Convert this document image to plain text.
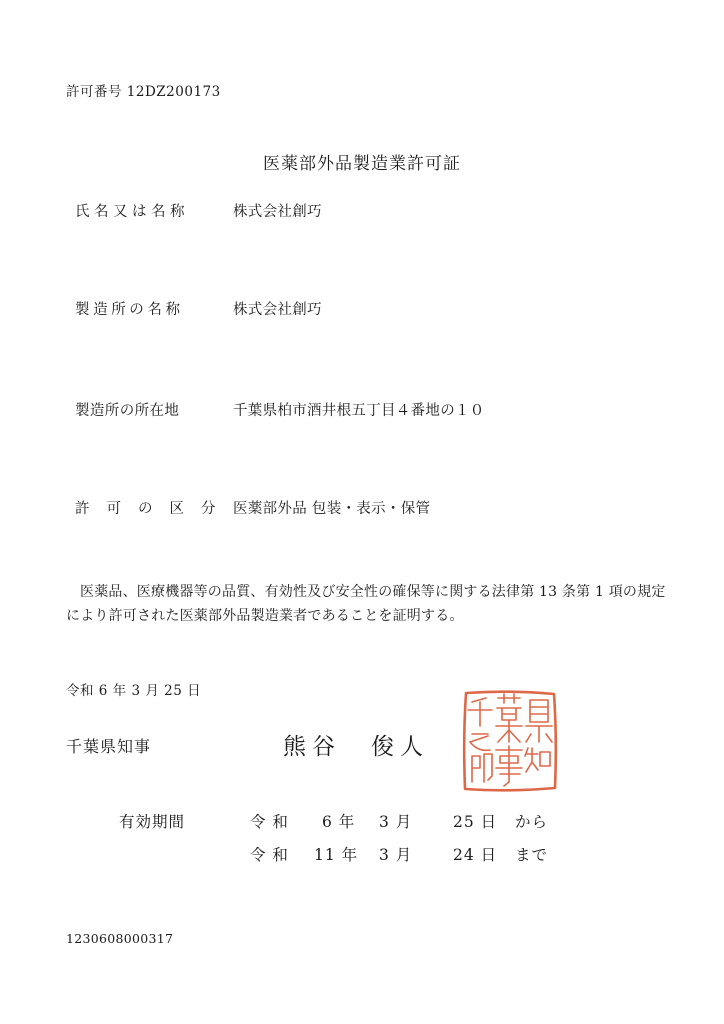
許可番号 12DZ200173
医薬部外品製造業許可証
氏名又は名称	株式会社創巧
製造所の名称	株式会社創巧
製造所の所在地	千葉県柏市酒井根五丁目４番地の１０
許可の区分 医薬部外品 包装・表示・保管
医薬品、医療機器等の品質、有効性及び安全性の確保等に関する法律第 13 条第 1 項の規定により許可された医薬部外品製造業者であることを証明する。
令和 6 年 3 月 25 日
千葉県知事	熊谷 俊人
有効期間	令 和 6 年 3 月	25 日 から
令 和 11 年 3 月	24 日 まで
1230608000317
